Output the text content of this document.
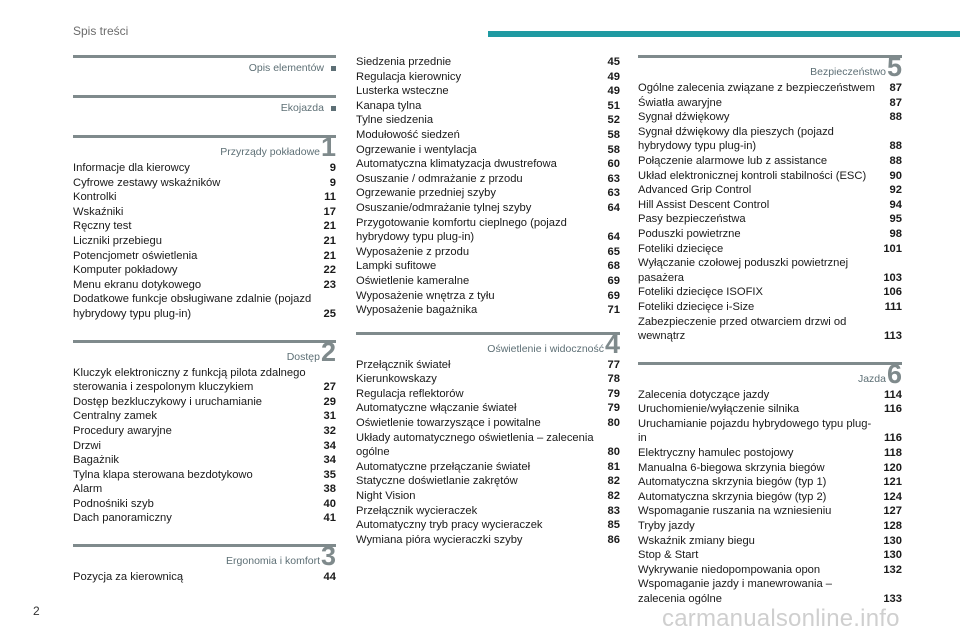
Spis treści
Opis elementów
Ekojazda
Przyrządy pokładowe 1
Informacje dla kierowcy	9
Cyfrowe zestawy wskaźników	9
Kontrolki	11
Wskaźniki	17
Ręczny test	21
Liczniki przebiegu	21
Potencjometr oświetlenia	21
Komputer pokładowy	22
Menu ekranu dotykowego	23
Dodatkowe funkcje obsługiwane zdalnie (pojazd hybrydowy typu plug-in)	25
Dostęp 2
Kluczyk elektroniczny z funkcją pilota zdalnego sterowania i zespolonym kluczykiem	27
Dostęp bezkluczykowy i uruchamianie	29
Centralny zamek	31
Procedury awaryjne	32
Drzwi	34
Bagażnik	34
Tylna klapa sterowana bezdotykowo	35
Alarm	38
Podnośniki szyb	40
Dach panoramiczny	41
Ergonomia i komfort 3
Pozycja za kierownicą	44
Siedzenia przednie	45
Regulacja kierownicy	49
Lusterka wsteczne	49
Kanapa tylna	51
Tylne siedzenia	52
Modułowość siedzeń	58
Ogrzewanie i wentylacja	58
Automatyczna klimatyzacja dwustrefowa	60
Osuszanie / odmrażanie z przodu	63
Ogrzewanie przedniej szyby	63
Osuszanie/odmrażanie tylnej szyby	64
Przygotowanie komfortu cieplnego (pojazd hybrydowy typu plug-in)	64
Wyposażenie z przodu	65
Lampki sufitowe	68
Oświetlenie kameralne	69
Wyposażenie wnętrza z tyłu	69
Wyposażenie bagażnika	71
Oświetlenie i widoczność 4
Przełącznik świateł	77
Kierunkowskazy	78
Regulacja reflektorów	79
Automatyczne włączanie świateł	79
Oświetlenie towarzyszące i powitalne	80
Układy automatycznego oświetlenia – zalecenia ogólne	80
Automatyczne przełączanie świateł	81
Statyczne doświetlanie zakrętów	82
Night Vision	82
Przełącznik wycieraczek	83
Automatyczny tryb pracy wycieraczek	85
Wymiana pióra wycieraczki szyby	86
Bezpieczeństwo 5
Ogólne zalecenia związane z bezpieczeństwem	87
Światła awaryjne	87
Sygnał dźwiękowy	88
Sygnał dźwiękowy dla pieszych (pojazd hybrydowy typu plug-in)	88
Połączenie alarmowe lub z assistance	88
Układ elektronicznej kontroli stabilności (ESC)	90
Advanced Grip Control	92
Hill Assist Descent Control	94
Pasy bezpieczeństwa	95
Poduszki powietrzne	98
Foteliki dziecięce	101
Wyłączanie czołowej poduszki powietrznej pasażera	103
Foteliki dziecięce ISOFIX	106
Foteliki dziecięce i-Size	111
Zabezpieczenie przed otwarciem drzwi od wewnątrz	113
Jazda 6
Zalecenia dotyczące jazdy	114
Uruchomienie/wyłączenie silnika	116
Uruchamianie pojazdu hybrydowego typu plug-in	116
Elektryczny hamulec postojowy	118
Manualna 6-biegowa skrzynia biegów	120
Automatyczna skrzynia biegów (typ 1)	121
Automatyczna skrzynia biegów (typ 2)	124
Wspomaganie ruszania na wzniesieniu	127
Tryby jazdy	128
Wskaźnik zmiany biegu	130
Stop & Start	130
Wykrywanie niedopompowania opon	132
Wspomaganie jazdy i manewrowania – zalecenia ogólne	133
2	carmanualsonline.info
